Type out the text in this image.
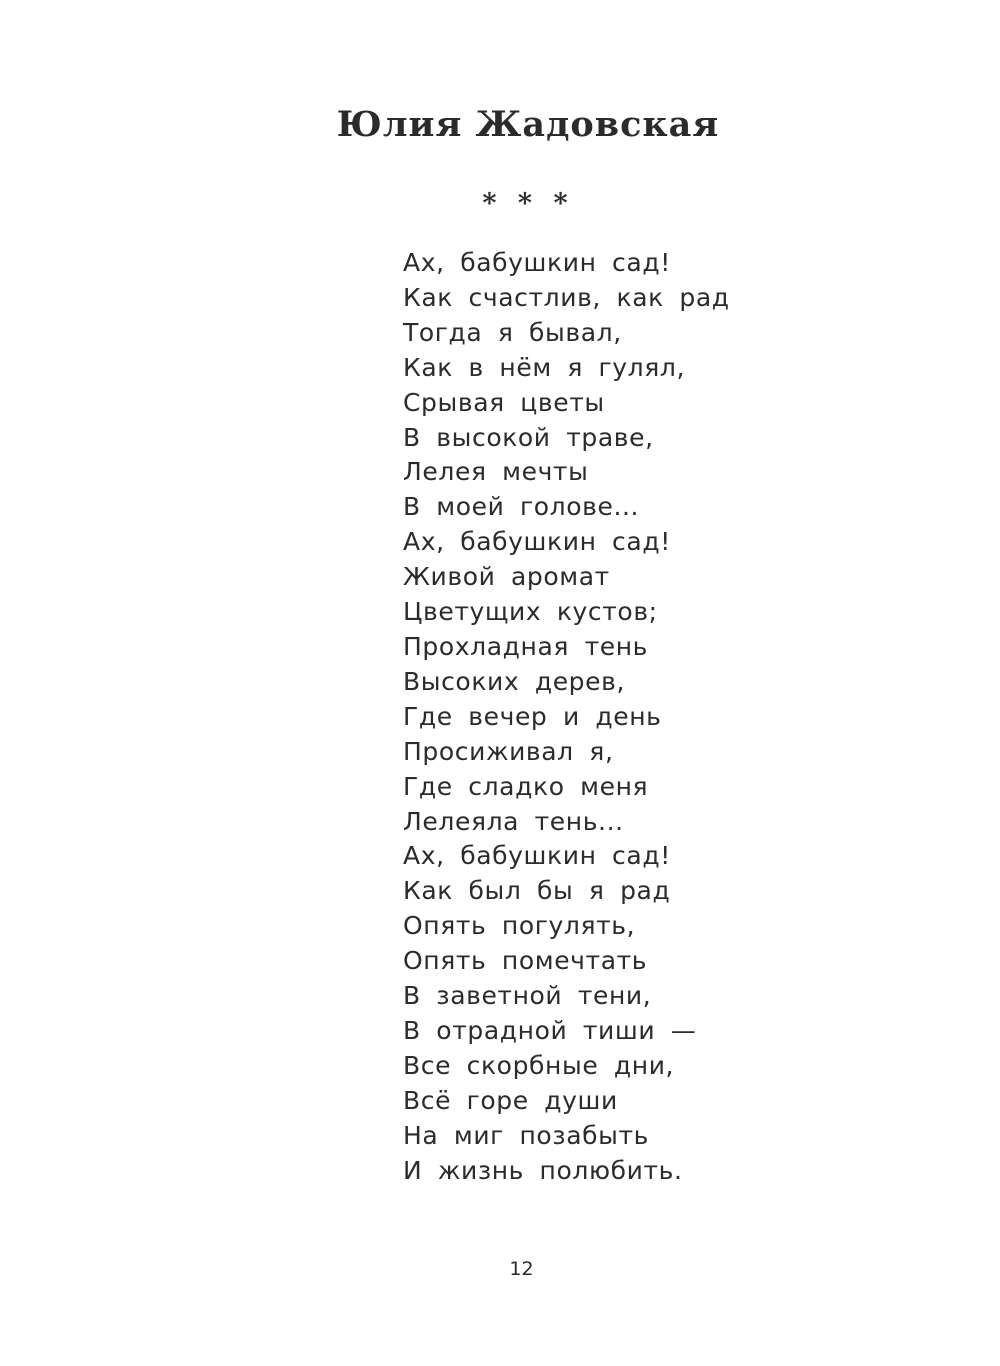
Юлия Жадовская
* * *
Ах, бабушкин сад!
Как счастлив, как рад
Тогда я бывал,
Как в нём я гулял,
Срывая цветы
В высокой траве,
Лелея мечты
В моей голове...
Ах, бабушкин сад!
Живой аромат
Цветущих кустов;
Прохладная тень
Высоких дерев,
Где вечер и день
Просиживал я,
Где сладко меня
Лелеяла тень...
Ах, бабушкин сад!
Как был бы я рад
Опять погулять,
Опять помечтать
В заветной тени,
В отрадной тиши —
Все скорбные дни,
Всё горе души
На миг позабыть
И жизнь полюбить.
12
